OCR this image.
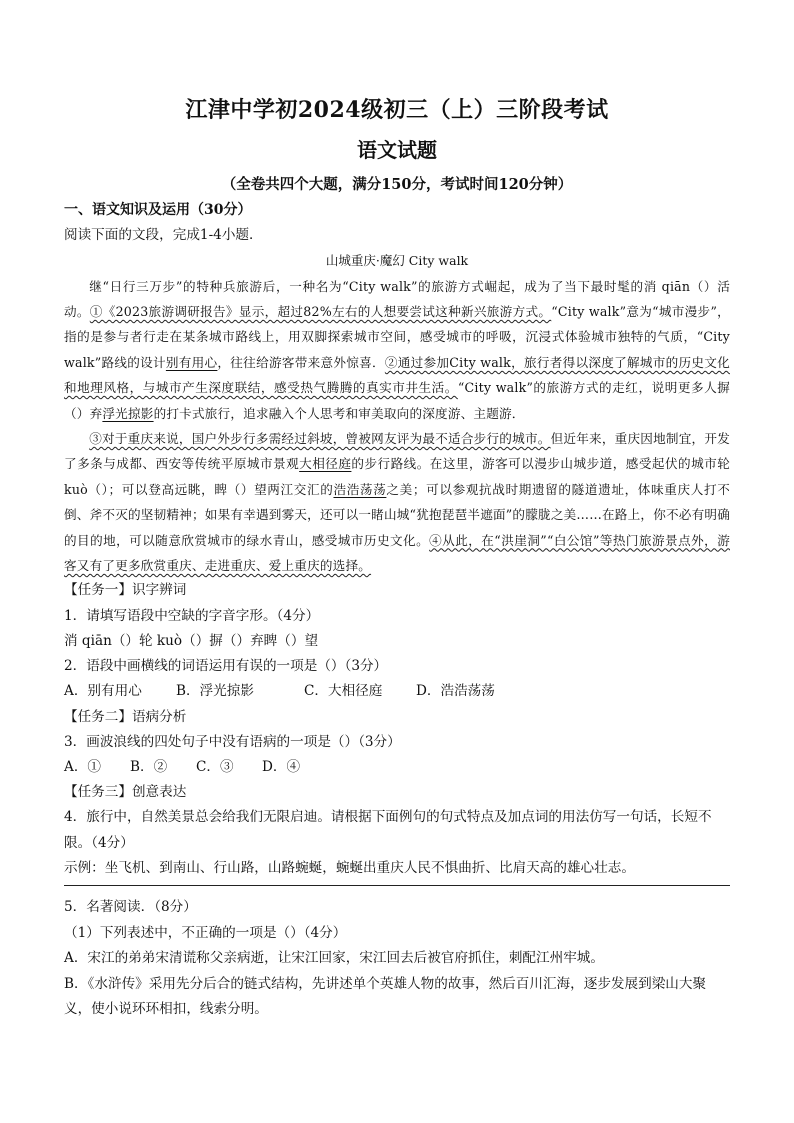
江津中学初2024级初三（上）三阶段考试
语文试题
（全卷共四个大题，满分150分，考试时间120分钟）

一、语文知识及运用（30分）

阅读下面的文段，完成1-4小题．

山城重庆·魔幻 City walk

继“日行三万步”的特种兵旅游后，一种名为“City walk”的旅游方式崛起，成为了当下最时髦的消 qiān（）活动。①《2023旅游调研报告》显示，超过82%左右的人想要尝试这种新兴旅游方式。“City walk”意为“城市漫步”，指的是参与者行走在某条城市路线上，用双脚探索城市空间，感受城市的呼吸，沉浸式体验城市独特的气质，“City walk”路线的设计别有用心，往往给游客带来意外惊喜．②通过参加City walk，旅行者得以深度了解城市的历史文化和地理风格，与城市产生深度联结，感受热气腾腾的真实市井生活。“City walk”的旅游方式的走红，说明更多人摒（）弃浮光掠影的打卡式旅行，追求融入个人思考和审美取向的深度游、主题游．

③对于重庆来说，国户外步行多需经过斜坡，曾被网友评为最不适合步行的城市。但近年来，重庆因地制宜，开发了多条与成都、西安等传统平原城市景观大相径庭的步行路线。在这里，游客可以漫步山城步道，感受起伏的城市轮 kuò（）；可以登高远眺，睥（）望两江交汇的浩浩荡荡之美；可以参观抗战时期遗留的隧道遗址，体味重庆人打不倒、斧不灭的坚韧精神；如果有幸遇到雾天，还可以一睹山城“犹抱琵琶半遮面”的朦胧之美……在路上，你不必有明确的目的地，可以随意欣赏城市的绿水青山，感受城市历史文化。④从此，在“洪崖洞”“白公馆”等热门旅游景点外，游客又有了更多欣赏重庆、走进重庆、爱上重庆的选择。

【任务一】识字辨词

1．请填写语段中空缺的字音字形。（4分）

消 qiān（）轮 kuò（）摒（）弃睥（）望

2．语段中画横线的词语运用有误的一项是（）（3分）

A．别有用心	B．浮光掠影	C．大相径庭 D．浩浩荡荡

【任务二】语病分析

3．画波浪线的四处句子中没有语病的一项是（）（3分）

A．① B．② C．③ D．④

【任务三】创意表达

4．旅行中，自然美景总会给我们无限启迪。请根据下面例句的句式特点及加点词的用法仿写一句话，长短不限。（4分）

示例：坐飞机、到南山、行山路，山路蜿蜒，蜿蜒出重庆人民不惧曲折、比肩天高的雄心壮志。

5．名著阅读．（8分）

（1）下列表述中，不正确的一项是（）（4分）

A．宋江的弟弟宋清谎称父亲病逝，让宋江回家，宋江回去后被官府抓住，刺配江州牢城。

B．《水浒传》采用先分后合的链式结构，先讲述单个英雄人物的故事，然后百川汇海，逐步发展到梁山大聚义，使小说环环相扣，线索分明。
